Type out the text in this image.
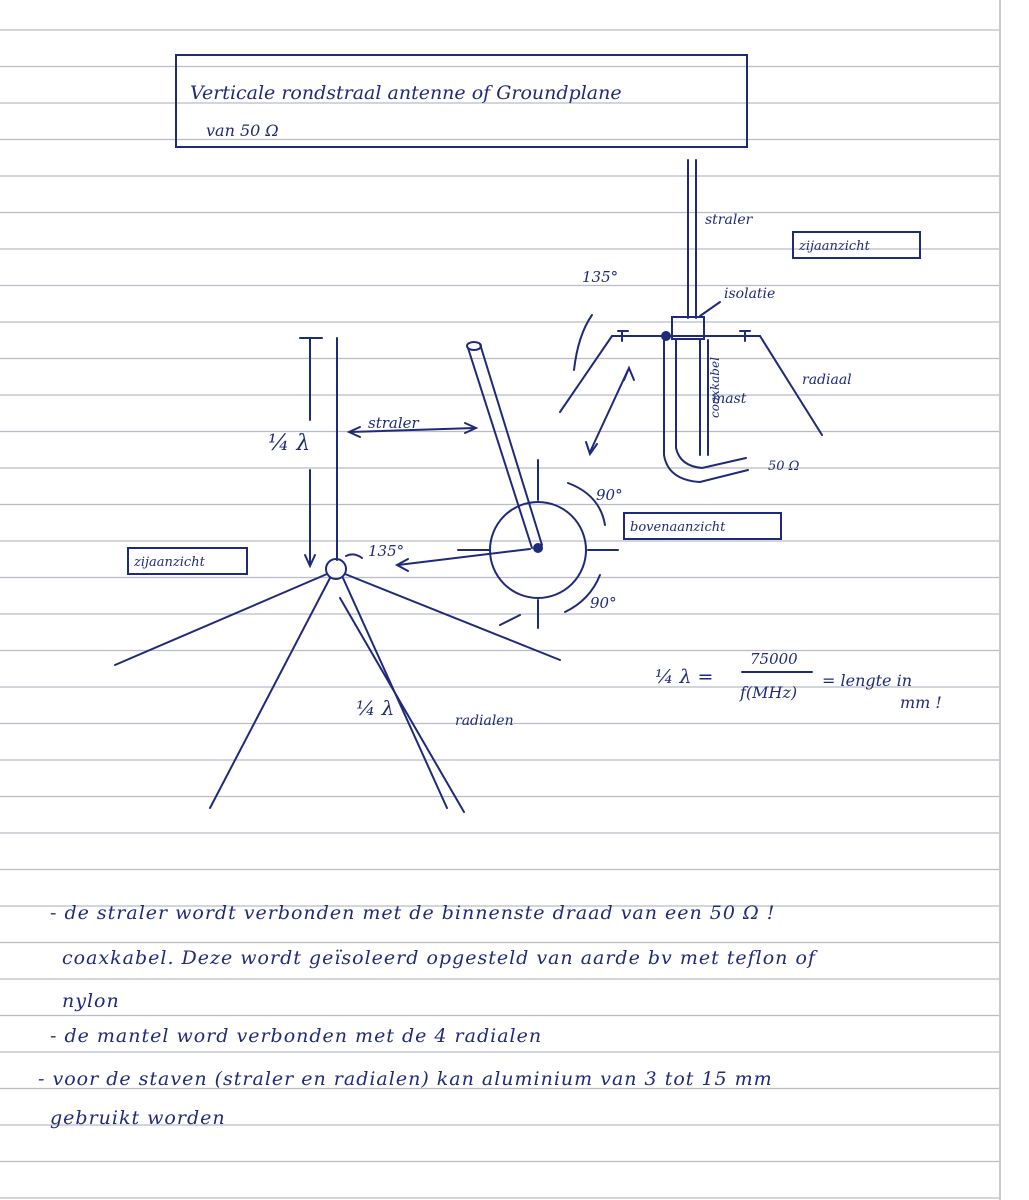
Verticale rondstraal antenne of Groundplane
van 50 Ω
¼ λ
straler
135°
zijaanzicht
¼ λ
radialen
90°
90°
bovenaanzicht
straler
zijaanzicht
isolatie
radiaal
coaxkabel
mast
50 Ω
135°
¼ λ =
75000
f(MHz)
= lengte in
mm !
- de straler wordt verbonden met de binnenste draad van een 50 Ω !
coaxkabel. Deze wordt geïsoleerd opgesteld van aarde bv met teflon of
nylon
- de mantel word verbonden met de 4 radialen
- voor de staven (straler en radialen) kan aluminium van 3 tot 15 mm
gebruikt worden
